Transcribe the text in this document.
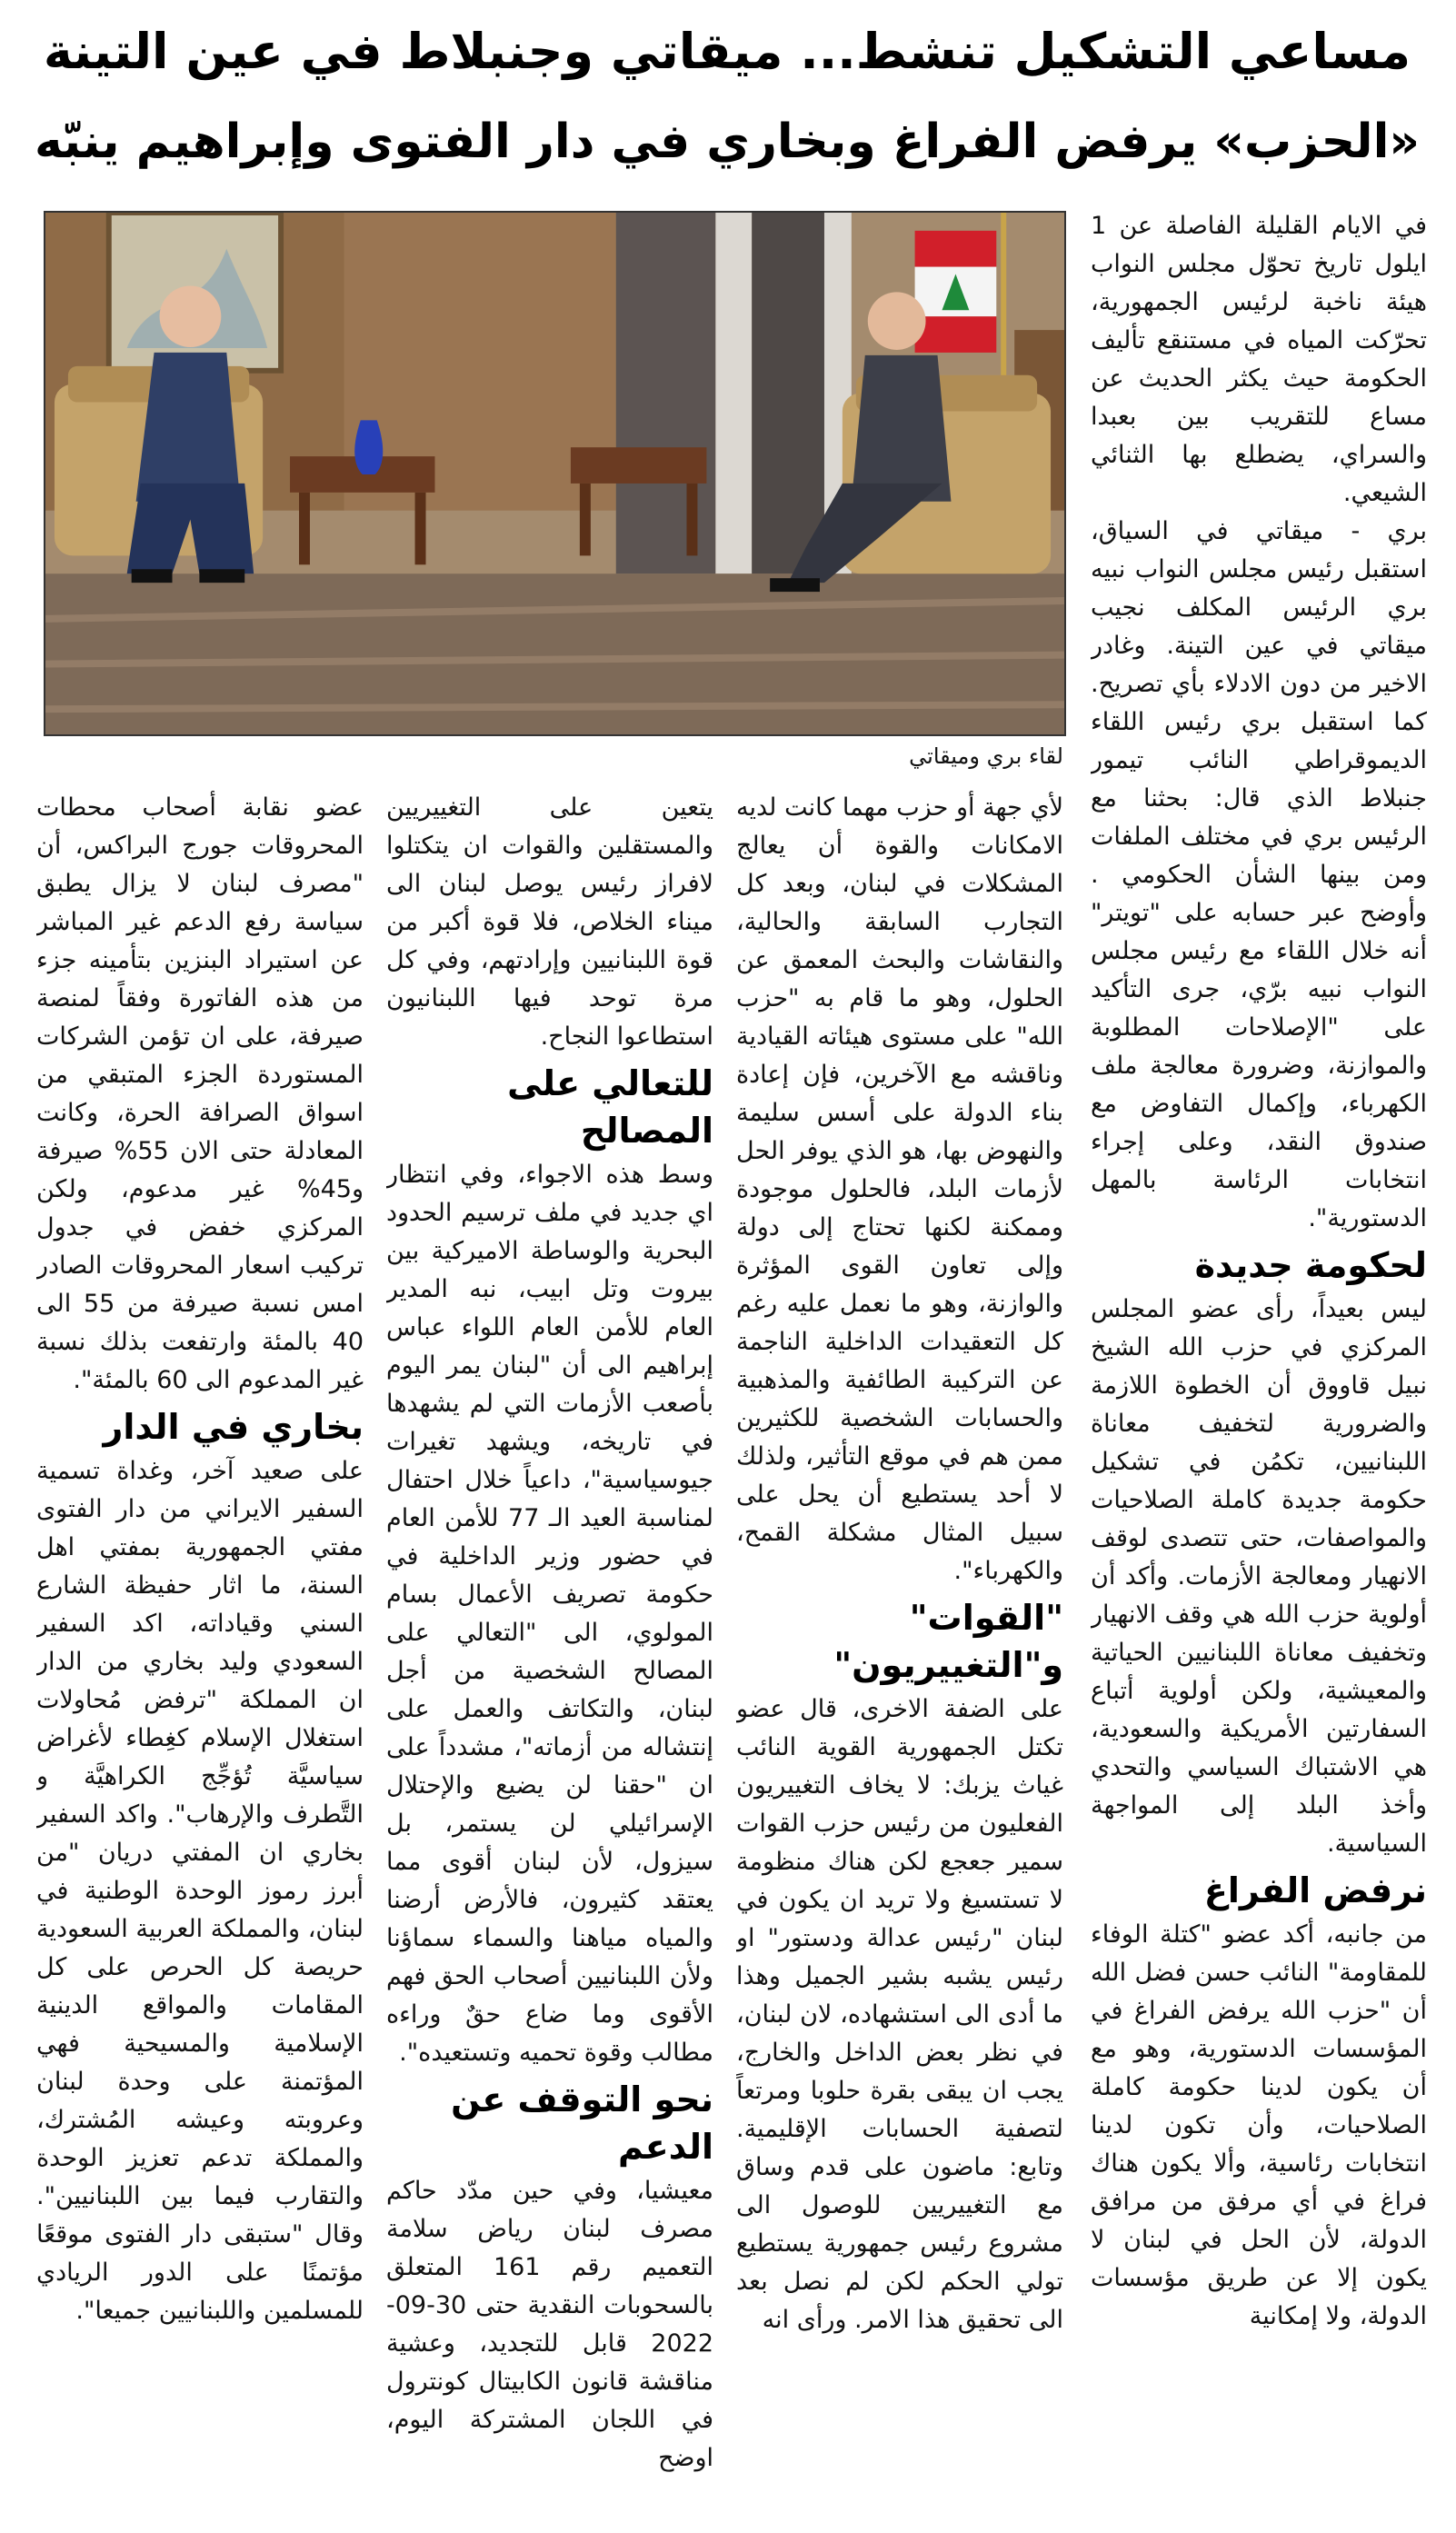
مساعي التشكيل تنشط... ميقاتي وجنبلاط في عين التينة
«الحزب» يرفض الفراغ وبخاري في دار الفتوى وإبراهيم ينبّه
لقاء بري وميقاتي

في الايام القليلة الفاصلة عن 1 ايلول تاريخ تحوّل مجلس النواب هيئة ناخبة لرئيس الجمهورية، تحرّكت المياه في مستنقع تأليف الحكومة حيث يكثر الحديث عن مساع للتقريب بين بعبدا والسراي، يضطلع بها الثنائي الشيعي.

بري - ميقاتي في السياق، استقبل رئيس مجلس النواب نبيه بري الرئيس المكلف نجيب ميقاتي في عين التينة. وغادر الاخير من دون الادلاء بأي تصريح. كما استقبل بري رئيس اللقاء الديموقراطي النائب تيمور جنبلاط الذي قال: بحثنا مع الرئيس بري في مختلف الملفات ومن بينها الشأن الحكومي . وأوضح عبر حسابه على "تويتر" أنه خلال اللقاء مع رئيس مجلس النواب نبيه برّي، جرى التأكيد على "الإصلاحات المطلوبة والموازنة، وضرورة معالجة ملف الكهرباء، وإكمال التفاوض مع صندوق النقد، وعلى إجراء انتخابات الرئاسة بالمهل الدستورية".

لحكومة جديدة

ليس بعيداً، رأى عضو المجلس المركزي في حزب الله الشيخ نبيل قاووق أن الخطوة اللازمة والضرورية لتخفيف معاناة اللبنانيين، تكمُن في تشكيل حكومة جديدة كاملة الصلاحيات والمواصفات، حتى تتصدى لوقف الانهيار ومعالجة الأزمات. وأكد أن أولوية حزب الله هي وقف الانهيار وتخفيف معاناة اللبنانيين الحياتية والمعيشية، ولكن أولوية أتباع السفارتين الأمريكية والسعودية، هي الاشتباك السياسي والتحدي وأخذ البلد إلى المواجهة السياسية.

نرفض الفراغ

من جانبه، أكد عضو "كتلة الوفاء للمقاومة" النائب حسن فضل الله أن "حزب الله يرفض الفراغ في المؤسسات الدستورية، وهو مع أن يكون لدينا حكومة كاملة الصلاحيات، وأن تكون لدينا انتخابات رئاسية، وألا يكون هناك فراغ في أي مرفق من مرافق الدولة، لأن الحل في لبنان لا يكون إلا عن طريق مؤسسات الدولة، ولا إمكانية

لأي جهة أو حزب مهما كانت لديه الامكانات والقوة أن يعالج المشكلات في لبنان، وبعد كل التجارب السابقة والحالية، والنقاشات والبحث المعمق عن الحلول، وهو ما قام به "حزب الله" على مستوى هيئاته القيادية وناقشه مع الآخرين، فإن إعادة بناء الدولة على أسس سليمة والنهوض بها، هو الذي يوفر الحل لأزمات البلد، فالحلول موجودة وممكنة لكنها تحتاج إلى دولة وإلى تعاون القوى المؤثرة والوازنة، وهو ما نعمل عليه رغم كل التعقيدات الداخلية الناجمة عن التركيبة الطائفية والمذهبية والحسابات الشخصية للكثيرين ممن هم في موقع التأثير، ولذلك لا أحد يستطيع أن يحل على سبيل المثال مشكلة القمح، والكهرباء".

"القوات" و"التغييريون"

على الضفة الاخرى، قال عضو تكتل الجمهورية القوية النائب غياث يزبك: لا يخاف التغييريون الفعليون من رئيس حزب القوات سمير جعجع لكن هناك منظومة لا تستسيغ ولا تريد ان يكون في لبنان "رئيس عدالة ودستور" او رئيس يشبه بشير الجميل وهذا ما أدى الى استشهاده، لان لبنان، في نظر بعض الداخل والخارج، يجب ان يبقى بقرة حلوبا ومرتعاً لتصفية الحسابات الإقليمية. وتابع: ماضون على قدم وساق مع التغييريين للوصول الى مشروع رئيس جمهورية يستطيع تولي الحكم لكن لم نصل بعد الى تحقيق هذا الامر. ورأى انه

يتعين على التغييريين والمستقلين والقوات ان يتكتلوا لافراز رئيس يوصل لبنان الى ميناء الخلاص، فلا قوة أكبر من قوة اللبنانيين وإرادتهم، وفي كل مرة توحد فيها اللبنانيون استطاعوا النجاح.

للتعالي على المصالح

وسط هذه الاجواء، وفي انتظار اي جديد في ملف ترسيم الحدود البحرية والوساطة الاميركية بين بيروت وتل ابيب، نبه المدير العام للأمن العام اللواء عباس إبراهيم الى أن "لبنان يمر اليوم بأصعب الأزمات التي لم يشهدها في تاريخه، ويشهد تغيرات جيوسياسية"، داعياً خلال احتفال لمناسبة العيد الـ 77 للأمن العام في حضور وزير الداخلية في حكومة تصريف الأعمال بسام المولوي، الى "التعالي على المصالح الشخصية من أجل لبنان، والتكاتف والعمل على إنتشاله من أزماته"، مشدداً على ان "حقنا لن يضيع والإحتلال الإسرائيلي لن يستمر، بل سيزول، لأن لبنان أقوى مما يعتقد كثيرون، فالأرض أرضنا والمياه مياهنا والسماء سماؤنا ولأن اللبنانيين أصحاب الحق فهم الأقوى وما ضاع حقٌ وراءه مطالب وقوة تحميه وتستعيده".

نحو التوقف عن الدعم

معيشيا، وفي حين مدّد حاكم مصرف لبنان رياض سلامة التعميم رقم 161 المتعلق بالسحوبات النقدية حتى 30-09-2022 قابل للتجديد، وعشية مناقشة قانون الكابيتال كونترول في اللجان المشتركة اليوم، اوضح

عضو نقابة أصحاب محطات المحروقات جورج البراكس، أن "مصرف لبنان لا يزال يطبق سياسة رفع الدعم غير المباشر عن استيراد البنزين بتأمينه جزء من هذه الفاتورة وفقاً لمنصة صيرفة، على ان تؤمن الشركات المستوردة الجزء المتبقي من اسواق الصرافة الحرة، وكانت المعادلة حتى الان 55% صيرفة و45% غير مدعوم، ولكن المركزي خفض في جدول تركيب اسعار المحروقات الصادر امس نسبة صيرفة من 55 الى 40 بالمئة وارتفعت بذلك نسبة غير المدعوم الى 60 بالمئة".

بخاري في الدار

على صعيد آخر، وغداة تسمية السفير الايراني من دار الفتوى مفتي الجمهورية بمفتي اهل السنة، ما اثار حفيظة الشارع السني وقياداته، اكد السفير السعودي وليد بخاري من الدار ان المملكة "ترفض مُحاولات استغلال الإسلام كغِطاء لأغراض سياسيَّة تُؤجِّج الكراهيَّة و التَّطرف والإرهاب". واكد السفير بخاري ان المفتي دريان "من أبرز رموز الوحدة الوطنية في لبنان، والمملكة العربية السعودية حريصة كل الحرص على كل المقامات والمواقع الدينية الإسلامية والمسيحية فهي المؤتمنة على وحدة لبنان وعروبته وعيشه المُشترك، والمملكة تدعم تعزيز الوحدة والتقارب فيما بين اللبنانيين". وقال "ستبقى دار الفتوى موقعًا مؤتمنًا على الدور الريادي للمسلمين واللبنانيين جميعا".
